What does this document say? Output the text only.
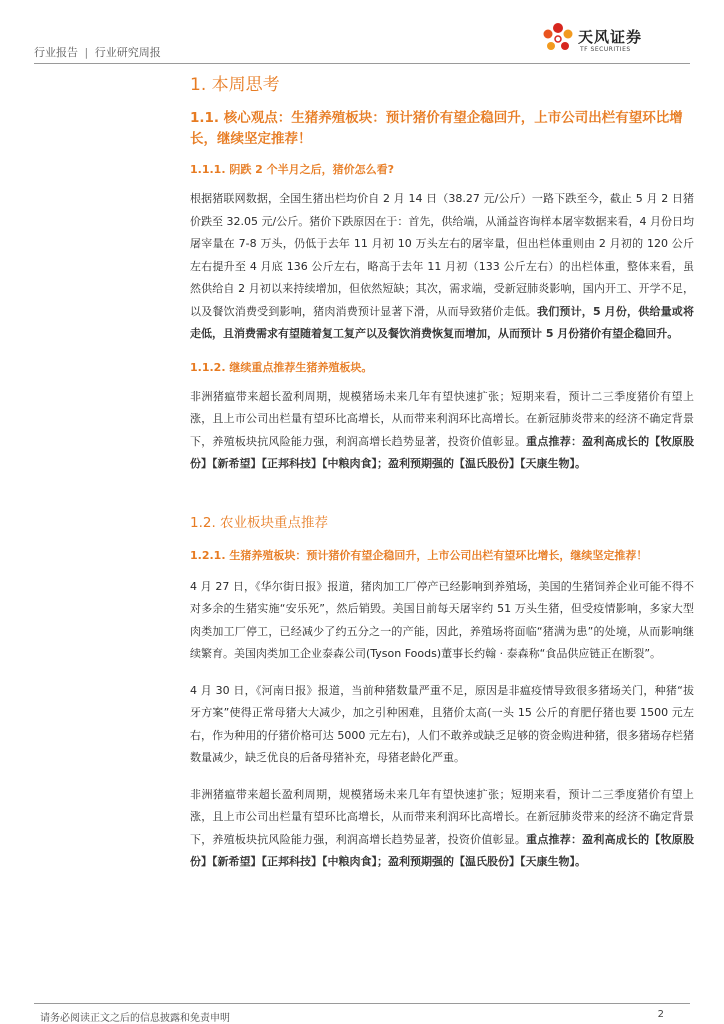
行业报告 | 行业研究周报
天风证券
TF SECURITIES
1. 本周思考
1.1. 核心观点：生猪养殖板块：预计猪价有望企稳回升，上市公司出栏有望环比增长，继续坚定推荐！
1.1.1. 阴跌 2 个半月之后，猪价怎么看?
根据猪联网数据，全国生猪出栏均价自 2 月 14 日（38.27 元/公斤）一路下跌至今，截止 5 月 2 日猪价跌至 32.05 元/公斤。猪价下跌原因在于：首先，供给端，从涌益咨询样本屠宰数据来看，4 月份日均屠宰量在 7-8 万头，仍低于去年 11 月初 10 万头左右的屠宰量，但出栏体重则由 2 月初的 120 公斤左右提升至 4 月底 136 公斤左右，略高于去年 11 月初（133 公斤左右）的出栏体重，整体来看，虽然供给自 2 月初以来持续增加，但依然短缺；其次，需求端，受新冠肺炎影响，国内开工、开学不足，以及餐饮消费受到影响，猪肉消费预计显著下滑，从而导致猪价走低。我们预计，5 月份，供给量或将走低，且消费需求有望随着复工复产以及餐饮消费恢复而增加，从而预计 5 月份猪价有望企稳回升。
1.1.2. 继续重点推荐生猪养殖板块。
非洲猪瘟带来超长盈利周期，规模猪场未来几年有望快速扩张；短期来看，预计二三季度猪价有望上涨，且上市公司出栏量有望环比高增长，从而带来利润环比高增长。在新冠肺炎带来的经济不确定背景下，养殖板块抗风险能力强，利润高增长趋势显著，投资价值彰显。重点推荐：盈利高成长的【牧原股份】【新希望】【正邦科技】【中粮肉食】；盈利预期强的【温氏股份】【天康生物】。
1.2. 农业板块重点推荐
1.2.1. 生猪养殖板块：预计猪价有望企稳回升，上市公司出栏有望环比增长，继续坚定推荐！
4 月 27 日，《华尔街日报》报道，猪肉加工厂停产已经影响到养殖场，美国的生猪饲养企业可能不得不对多余的生猪实施“安乐死”，然后销毁。美国目前每天屠宰约 51 万头生猪，但受疫情影响，多家大型肉类加工厂停工，已经减少了约五分之一的产能，因此，养殖场将面临“猪满为患”的处境，从而影响继续繁育。美国肉类加工企业泰森公司(Tyson Foods)董事长约翰 · 泰森称“食品供应链正在断裂”。
4 月 30 日，《河南日报》报道，当前种猪数量严重不足，原因是非瘟疫情导致很多猪场关门，种猪“拔牙方案”使得正常母猪大大减少，加之引种困难，且猪价太高(一头 15 公斤的育肥仔猪也要 1500 元左右，作为种用的仔猪价格可达 5000 元左右)，人们不敢养或缺乏足够的资金购进种猪，很多猪场存栏猪数量减少，缺乏优良的后备母猪补充，母猪老龄化严重。
非洲猪瘟带来超长盈利周期，规模猪场未来几年有望快速扩张；短期来看，预计二三季度猪价有望上涨，且上市公司出栏量有望环比高增长，从而带来利润环比高增长。在新冠肺炎带来的经济不确定背景下，养殖板块抗风险能力强，利润高增长趋势显著，投资价值彰显。重点推荐：盈利高成长的【牧原股份】【新希望】【正邦科技】【中粮肉食】；盈利预期强的【温氏股份】【天康生物】。
请务必阅读正文之后的信息披露和免责申明	2
